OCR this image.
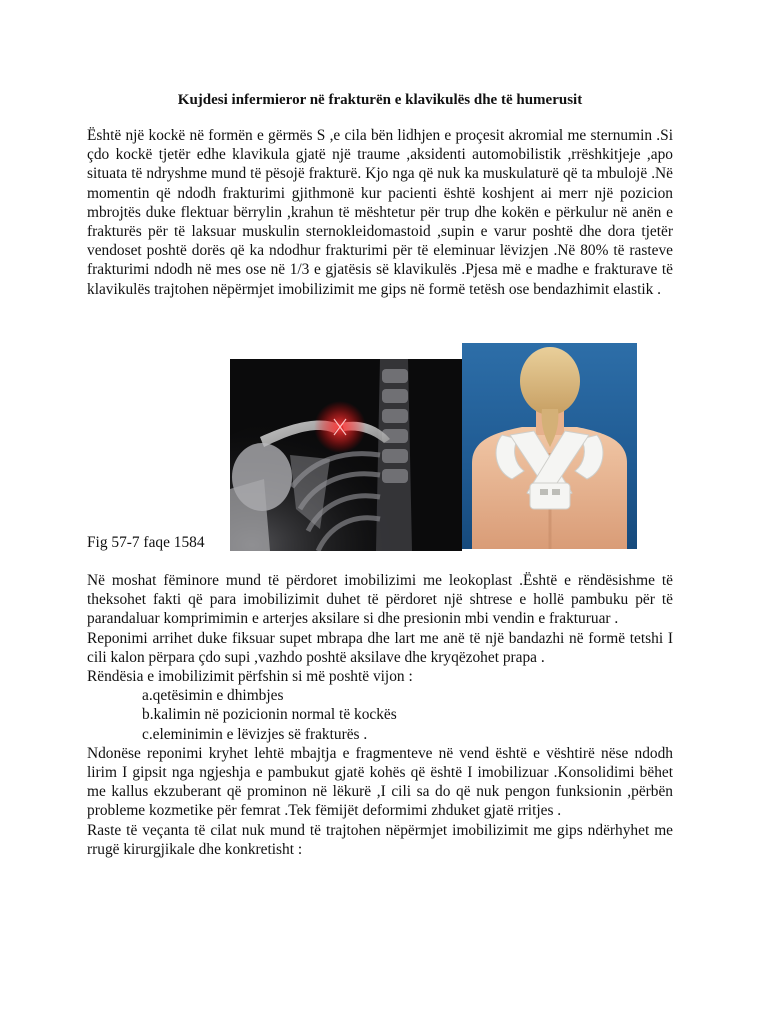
Kujdesi infermieror në frakturën e klavikulës dhe të humerusit

Është një kockë në formën e gërmës S ,e cila bën lidhjen e proçesit akromial me sternumin .Si çdo kockë tjetër edhe klavikula gjatë një traume ,aksidenti automobilistik ,rrëshkitjeje ,apo situata të ndryshme mund të pësojë frakturë. Kjo nga që nuk ka muskulaturë që ta mbulojë .Në momentin që ndodh frakturimi gjithmonë kur pacienti është koshjent ai merr një pozicion mbrojtës duke flektuar bërrylin ,krahun të mështetur për trup dhe kokën e përkulur në anën e frakturës për të laksuar muskulin sternokleidomastoid ,supin e varur poshtë dhe dora tjetër vendoset poshtë dorës që ka ndodhur frakturimi për të eleminuar lëvizjen .Në 80% të rasteve frakturimi ndodh në mes ose në 1/3 e gjatësis së klavikulës .Pjesa më e madhe e frakturave të klavikulës trajtohen nëpërmjet imobilizimit me gips në formë tetësh ose bendazhimit elastik .

Fig 57-7 faqe 1584

Në moshat fëminore mund të përdoret imobilizimi me leokoplast .Është e rëndësishme të theksohet fakti që para imobilizimit duhet të përdoret një shtrese e hollë pambuku për të parandaluar komprimimin e arterjes aksilare si dhe presionin mbi vendin e frakturuar .

Reponimi arrihet duke fiksuar supet mbrapa dhe lart me anë të një bandazhi në formë tetshi I cili kalon përpara çdo supi ,vazhdo poshtë aksilave dhe kryqëzohet prapa .

Rëndësia e imobilizimit përfshin si më poshtë vijon :

a.qetësimin e dhimbjes
b.kalimin në pozicionin normal të kockës
c.eleminimin e lëvizjes së frakturës .

Ndonëse reponimi kryhet lehtë mbajtja e fragmenteve në vend është e vështirë nëse ndodh lirim I gipsit nga ngjeshja e pambukut gjatë kohës që është I imobilizuar .Konsolidimi bëhet me kallus ekzuberant që prominon në lëkurë ,I cili sa do që nuk pengon funksionin ,përbën probleme kozmetike për femrat .Tek fëmijët deformimi zhduket gjatë rritjes .

Raste të veçanta të cilat nuk mund të trajtohen nëpërmjet imobilizimit me gips ndërhyhet me rrugë kirurgjikale dhe konkretisht :
